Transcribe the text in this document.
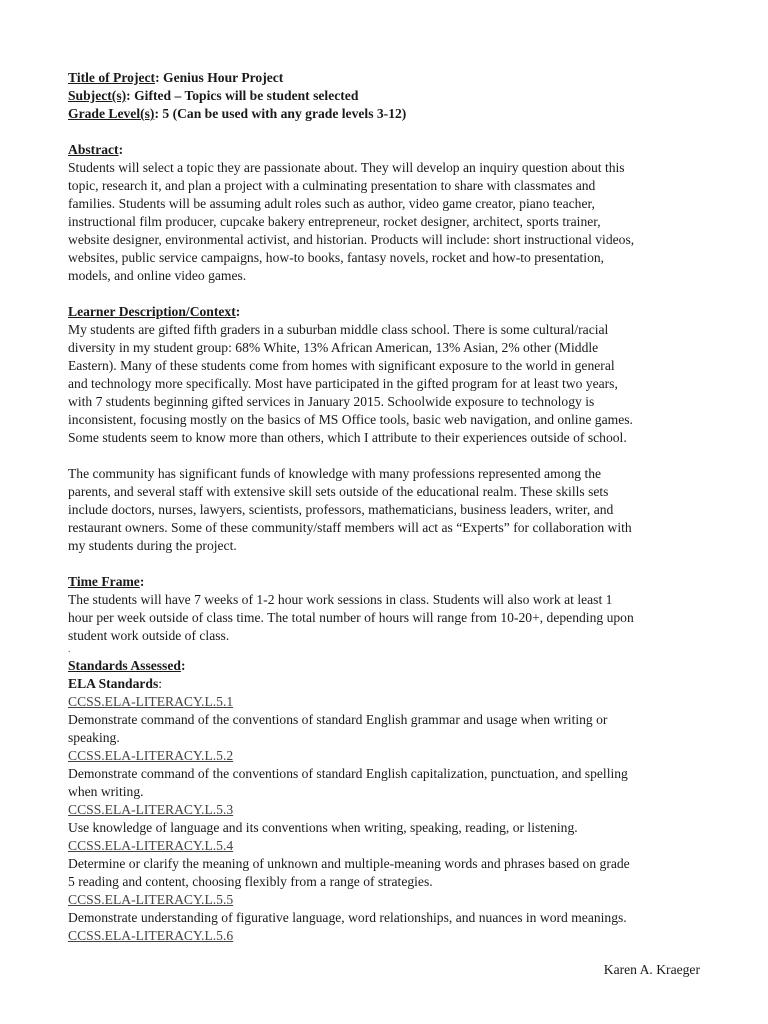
Title of Project: Genius Hour Project
Subject(s): Gifted – Topics will be student selected
Grade Level(s): 5 (Can be used with any grade levels 3-12)
Abstract:
Students will select a topic they are passionate about. They will develop an inquiry question about this
topic, research it, and plan a project with a culminating presentation to share with classmates and
families. Students will be assuming adult roles such as author, video game creator, piano teacher,
instructional film producer, cupcake bakery entrepreneur, rocket designer, architect, sports trainer,
website designer, environmental activist, and historian. Products will include: short instructional videos,
websites, public service campaigns, how-to books, fantasy novels, rocket and how-to presentation,
models, and online video games.
Learner Description/Context:
My students are gifted fifth graders in a suburban middle class school. There is some cultural/racial
diversity in my student group: 68% White, 13% African American, 13% Asian, 2% other (Middle
Eastern). Many of these students come from homes with significant exposure to the world in general
and technology more specifically. Most have participated in the gifted program for at least two years,
with 7 students beginning gifted services in January 2015. Schoolwide exposure to technology is
inconsistent, focusing mostly on the basics of MS Office tools, basic web navigation, and online games.
Some students seem to know more than others, which I attribute to their experiences outside of school.
The community has significant funds of knowledge with many professions represented among the
parents, and several staff with extensive skill sets outside of the educational realm. These skills sets
include doctors, nurses, lawyers, scientists, professors, mathematicians, business leaders, writer, and
restaurant owners. Some of these community/staff members will act as “Experts” for collaboration with
my students during the project.
Time Frame:
The students will have 7 weeks of 1-2 hour work sessions in class. Students will also work at least 1
hour per week outside of class time. The total number of hours will range from 10-20+, depending upon
student work outside of class.
.
Standards Assessed:
ELA Standards:
CCSS.ELA-LITERACY.L.5.1
Demonstrate command of the conventions of standard English grammar and usage when writing or
speaking.
CCSS.ELA-LITERACY.L.5.2
Demonstrate command of the conventions of standard English capitalization, punctuation, and spelling
when writing.
CCSS.ELA-LITERACY.L.5.3
Use knowledge of language and its conventions when writing, speaking, reading, or listening.
CCSS.ELA-LITERACY.L.5.4
Determine or clarify the meaning of unknown and multiple-meaning words and phrases based on grade
5 reading and content, choosing flexibly from a range of strategies.
CCSS.ELA-LITERACY.L.5.5
Demonstrate understanding of figurative language, word relationships, and nuances in word meanings.
CCSS.ELA-LITERACY.L.5.6
Karen A. Kraeger
